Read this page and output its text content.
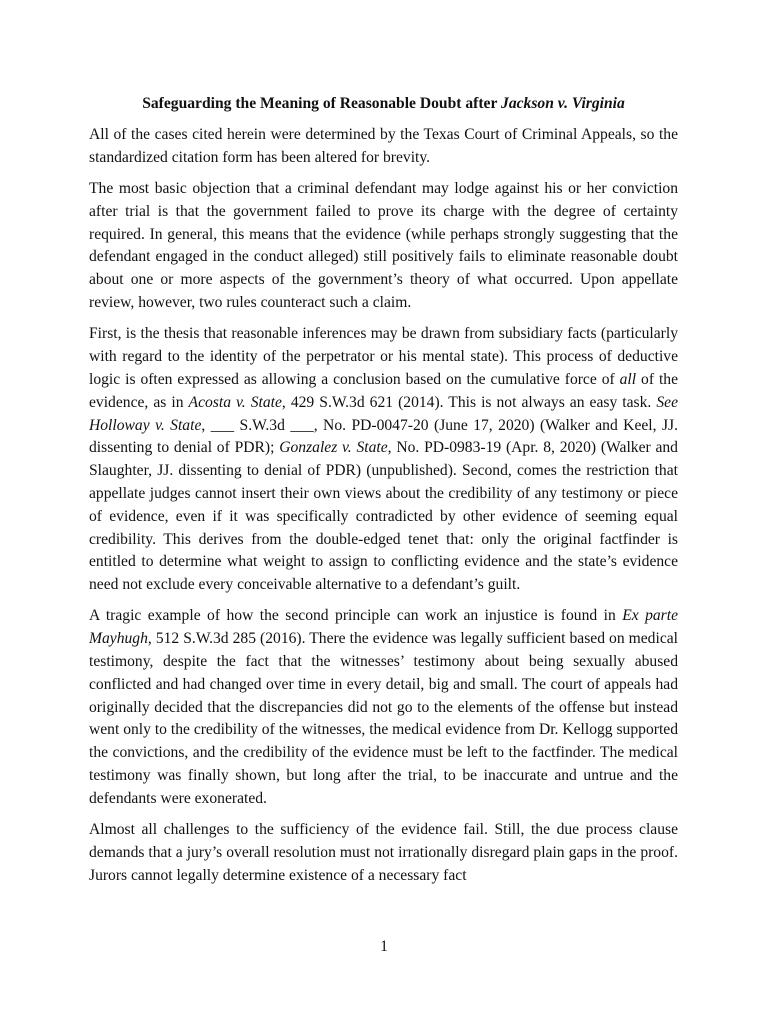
Safeguarding the Meaning of Reasonable Doubt after Jackson v. Virginia

All of the cases cited herein were determined by the Texas Court of Criminal Appeals, so the standardized citation form has been altered for brevity.

The most basic objection that a criminal defendant may lodge against his or her conviction after trial is that the government failed to prove its charge with the degree of certainty required. In general, this means that the evidence (while perhaps strongly suggesting that the defendant engaged in the conduct alleged) still positively fails to eliminate reasonable doubt about one or more aspects of the government’s theory of what occurred. Upon appellate review, however, two rules counteract such a claim.

First, is the thesis that reasonable inferences may be drawn from subsidiary facts (particularly with regard to the identity of the perpetrator or his mental state). This process of deductive logic is often expressed as allowing a conclusion based on the cumulative force of all of the evidence, as in Acosta v. State, 429 S.W.3d 621 (2014). This is not always an easy task. See Holloway v. State, ___ S.W.3d ___, No. PD-0047-20 (June 17, 2020) (Walker and Keel, JJ. dissenting to denial of PDR); Gonzalez v. State, No. PD-0983-19 (Apr. 8, 2020) (Walker and Slaughter, JJ. dissenting to denial of PDR) (unpublished). Second, comes the restriction that appellate judges cannot insert their own views about the credibility of any testimony or piece of evidence, even if it was specifically contradicted by other evidence of seeming equal credibility. This derives from the double-edged tenet that: only the original factfinder is entitled to determine what weight to assign to conflicting evidence and the state’s evidence need not exclude every conceivable alternative to a defendant’s guilt.

A tragic example of how the second principle can work an injustice is found in Ex parte Mayhugh, 512 S.W.3d 285 (2016). There the evidence was legally sufficient based on medical testimony, despite the fact that the witnesses’ testimony about being sexually abused conflicted and had changed over time in every detail, big and small. The court of appeals had originally decided that the discrepancies did not go to the elements of the offense but instead went only to the credibility of the witnesses, the medical evidence from Dr. Kellogg supported the convictions, and the credibility of the evidence must be left to the factfinder. The medical testimony was finally shown, but long after the trial, to be inaccurate and untrue and the defendants were exonerated.

Almost all challenges to the sufficiency of the evidence fail. Still, the due process clause demands that a jury’s overall resolution must not irrationally disregard plain gaps in the proof. Jurors cannot legally determine existence of a necessary fact

1
